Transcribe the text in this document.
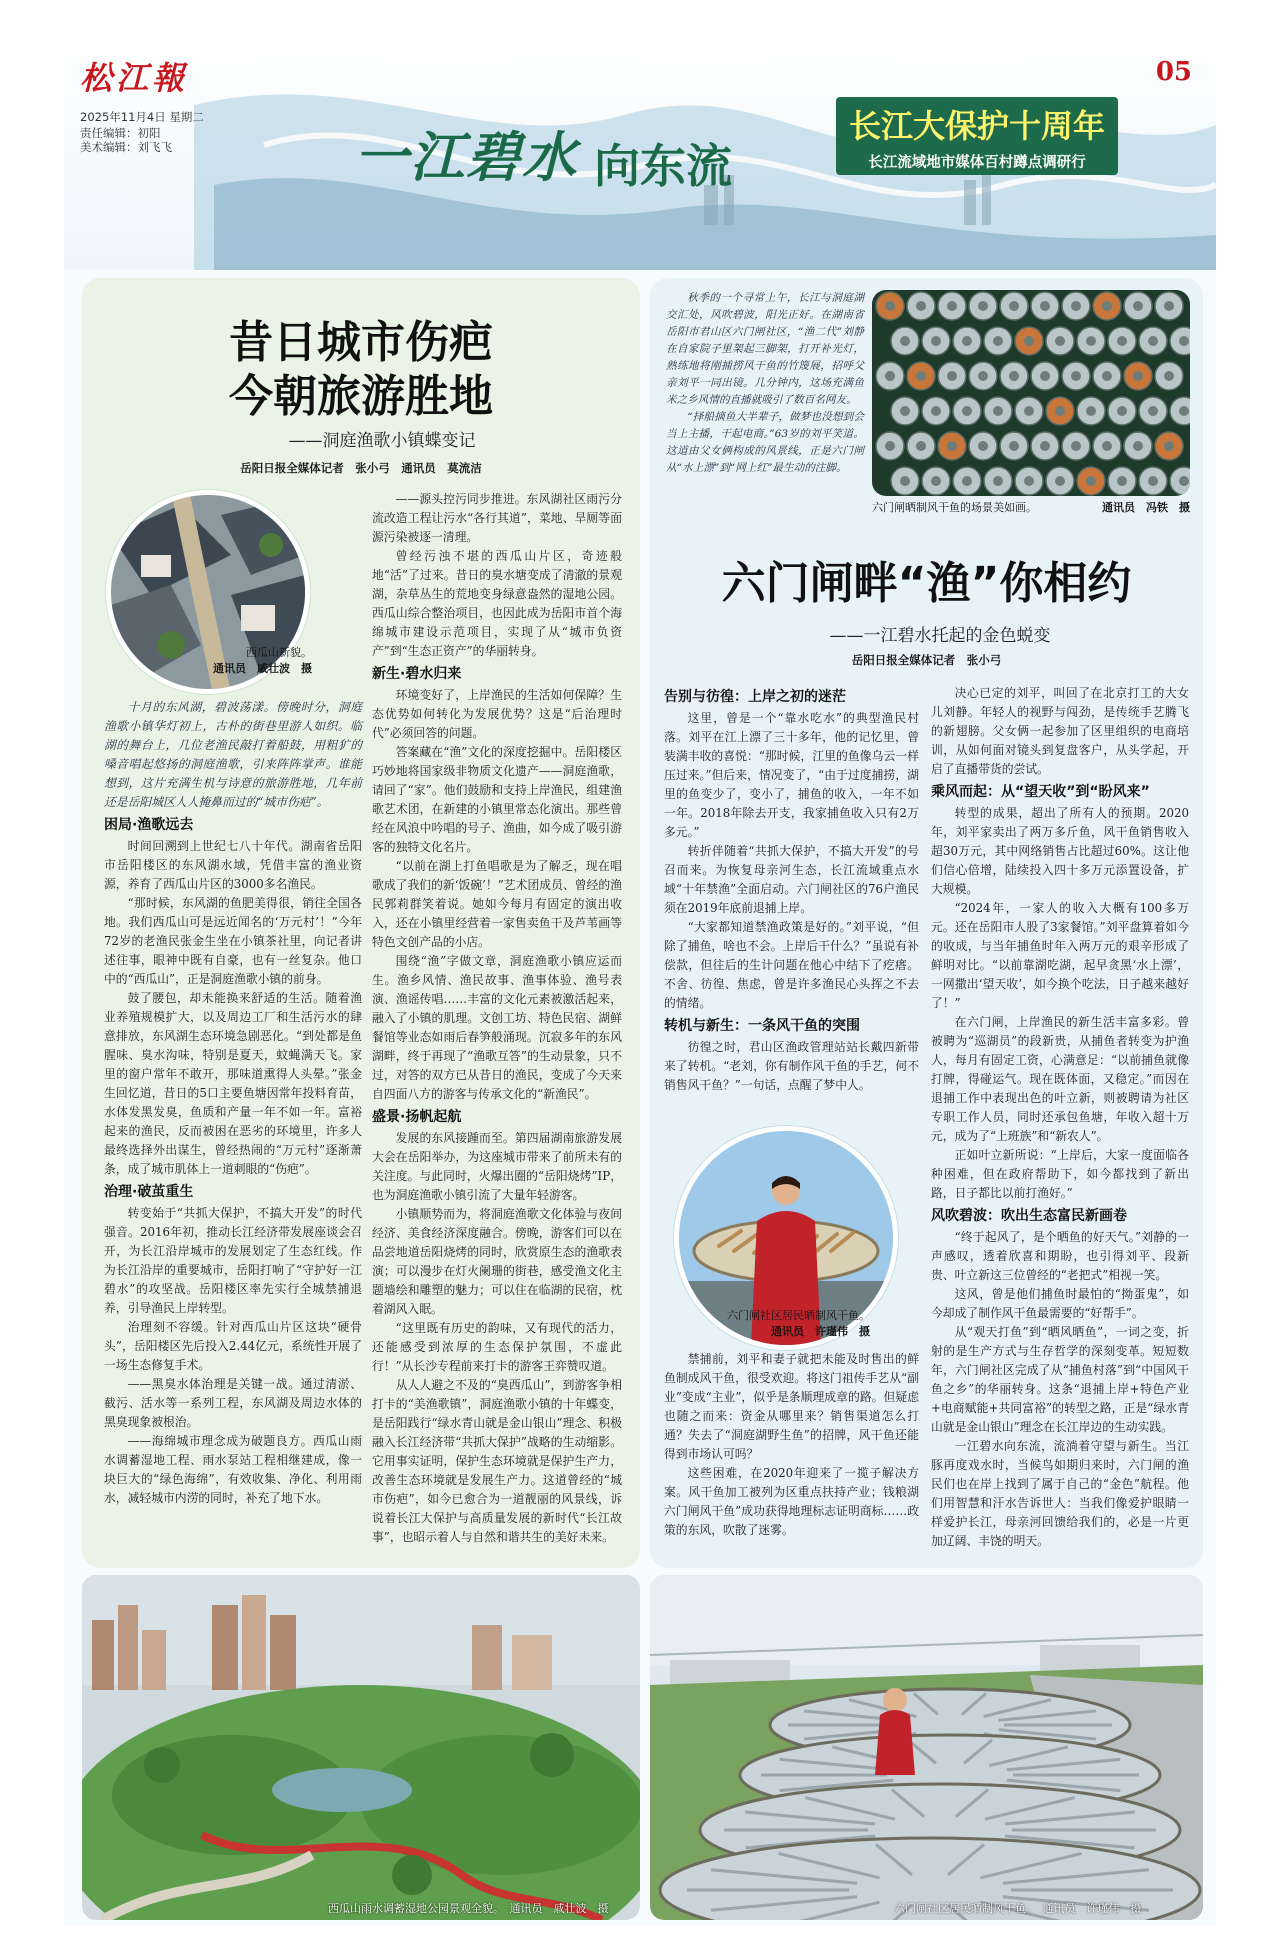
松江報	05
2025年11月4日 星期二
责任编辑：初阳
美术编辑：刘飞飞	一江碧水 向东流
长江大保护十周年
长江流域地市媒体百村蹲点调研行
昔日城市伤疤
今朝旅游胜地
——洞庭渔歌小镇蝶变记
岳阳日报全媒体记者　张小弓　通讯员　莫流洁
西瓜山新貌。
通讯员　戚壮波　摄

十月的东风湖，碧波荡漾。傍晚时分，洞庭渔歌小镇华灯初上，古朴的街巷里游人如织。临湖的舞台上，几位老渔民敲打着船鼓，用粗犷的嗓音唱起悠扬的洞庭渔歌，引来阵阵掌声。谁能想到，这片充满生机与诗意的旅游胜地，几年前还是岳阳城区人人掩鼻而过的“城市伤疤”。

困局·渔歌远去

时间回溯到上世纪七八十年代。湖南省岳阳市岳阳楼区的东风湖水域，凭借丰富的渔业资源，养育了西瓜山片区的3000多名渔民。

“那时候，东风湖的鱼肥美得很，销往全国各地。我们西瓜山可是远近闻名的‘万元村’！”今年72岁的老渔民张金生坐在小镇茶社里，向记者讲述往事，眼神中既有自豪，也有一丝复杂。他口中的“西瓜山”，正是洞庭渔歌小镇的前身。

鼓了腰包，却未能换来舒适的生活。随着渔业养殖规模扩大，以及周边工厂和生活污水的肆意排放，东风湖生态环境急剧恶化。“到处都是鱼腥味、臭水沟味，特别是夏天，蚊蝇满天飞。家里的窗户常年不敢开，那味道熏得人头晕。”张金生回忆道，昔日的5口主要鱼塘因常年投料育苗，水体发黑发臭，鱼质和产量一年不如一年。富裕起来的渔民，反而被困在恶劣的环境里，许多人最终选择外出谋生，曾经热闹的“万元村”逐渐萧条，成了城市肌体上一道刺眼的“伤疤”。

治理·破茧重生

转变始于“共抓大保护，不搞大开发”的时代强音。2016年初，推动长江经济带发展座谈会召开，为长江沿岸城市的发展划定了生态红线。作为长江沿岸的重要城市，岳阳打响了“守护好一江碧水”的攻坚战。岳阳楼区率先实行全城禁捕退养，引导渔民上岸转型。

治理刻不容缓。针对西瓜山片区这块“硬骨头”，岳阳楼区先后投入2.44亿元，系统性开展了一场生态修复手术。

——黑臭水体治理是关键一战。通过清淤、截污、活水等一系列工程，东风湖及周边水体的黑臭现象被根治。

——海绵城市理念成为破题良方。西瓜山雨水调蓄湿地工程、雨水泵站工程相继建成，像一块巨大的“绿色海绵”，有效收集、净化、利用雨水，减轻城市内涝的同时，补充了地下水。

——源头控污同步推进。东风湖社区雨污分流改造工程让污水“各行其道”，菜地、旱厕等面源污染被逐一清理。

曾经污浊不堪的西瓜山片区，奇迹般地“活”了过来。昔日的臭水塘变成了清澈的景观湖，杂草丛生的荒地变身绿意盎然的湿地公园。西瓜山综合整治项目，也因此成为岳阳市首个海绵城市建设示范项目，实现了从“城市负资产”到“生态正资产”的华丽转身。

新生·碧水归来

环境变好了，上岸渔民的生活如何保障？生态优势如何转化为发展优势？这是“后治理时代”必须回答的问题。

答案藏在“渔”文化的深度挖掘中。岳阳楼区巧妙地将国家级非物质文化遗产——洞庭渔歌，请回了“家”。他们鼓励和支持上岸渔民，组建渔歌艺术团，在新建的小镇里常态化演出。那些曾经在风浪中吟唱的号子、渔曲，如今成了吸引游客的独特文化名片。

“以前在湖上打鱼唱歌是为了解乏，现在唱歌成了我们的新‘饭碗’！”艺术团成员、曾经的渔民郭莉群笑着说。她如今每月有固定的演出收入，还在小镇里经营着一家售卖鱼干及芦苇画等特色文创产品的小店。

围绕“渔”字做文章，洞庭渔歌小镇应运而生。渔乡风情、渔民故事、渔事体验、渔号表演、渔谣传唱……丰富的文化元素被激活起来，融入了小镇的肌理。文创工坊、特色民宿、湖鲜餐馆等业态如雨后春笋般涌现。沉寂多年的东风湖畔，终于再现了“渔歌互答”的生动景象，只不过，对答的双方已从昔日的渔民，变成了今天来自四面八方的游客与传承文化的“新渔民”。

盛景·扬帆起航

发展的东风接踵而至。第四届湖南旅游发展大会在岳阳举办，为这座城市带来了前所未有的关注度。与此同时，火爆出圈的“岳阳烧烤”IP，也为洞庭渔歌小镇引流了大量年轻游客。

小镇顺势而为，将洞庭渔歌文化体验与夜间经济、美食经济深度融合。傍晚，游客们可以在品尝地道岳阳烧烤的同时，欣赏原生态的渔歌表演；可以漫步在灯火阑珊的街巷，感受渔文化主题墙绘和雕塑的魅力；可以住在临湖的民宿，枕着湖风入眠。

“这里既有历史的韵味，又有现代的活力，还能感受到浓厚的生态保护氛围，不虚此行！”从长沙专程前来打卡的游客王弈赞叹道。

从人人避之不及的“臭西瓜山”，到游客争相打卡的“美渔歌镇”，洞庭渔歌小镇的十年蝶变，是岳阳践行“绿水青山就是金山银山”理念、积极融入长江经济带“共抓大保护”战略的生动缩影。它用事实证明，保护生态环境就是保护生产力，改善生态环境就是发展生产力。这道曾经的“城市伤疤”，如今已愈合为一道靓丽的风景线，诉说着长江大保护与高质量发展的新时代“长江故事”，也昭示着人与自然和谐共生的美好未来。

秋季的一个寻常上午，长江与洞庭湖交汇处，风吹碧波，阳光正好。在湖南省岳阳市君山区六门闸社区，“渔二代”刘静在自家院子里架起三脚架，打开补光灯，熟练地将刚捕捞风干鱼的竹篾展，招呼父亲刘平一同出镜。几分钟内，这场充满鱼米之乡风情的直播就吸引了数百名网友。

“择船摘鱼大半辈子，做梦也没想到会当上主播，干起电商。”63岁的刘平笑道。这道由父女俩构成的风景线，正是六门闸从“水上漂”到“网上红”最生动的注脚。

六门闸晒制风干鱼的场景美如画。	通讯员　冯铁　摄
六门闸畔“渔”你相约
——一江碧水托起的金色蜕变
岳阳日报全媒体记者　张小弓
告别与彷徨：上岸之初的迷茫

这里，曾是一个“靠水吃水”的典型渔民村落。刘平在江上漂了三十多年，他的记忆里，曾装满丰收的喜悦：“那时候，江里的鱼像乌云一样压过来。”但后来，情况变了，“由于过度捕捞，湖里的鱼变少了，变小了，捕鱼的收入，一年不如一年。2018年除去开支，我家捕鱼收入只有2万多元。”

转折伴随着“共抓大保护，不搞大开发”的号召而来。为恢复母亲河生态，长江流域重点水域“十年禁渔”全面启动。六门闸社区的76户渔民须在2019年底前退捕上岸。

“大家都知道禁渔政策是好的。”刘平说，“但除了捕鱼，啥也不会。上岸后干什么？”虽说有补偿款，但往后的生计问题在他心中结下了疙瘩。不舍、彷徨、焦虑，曾是许多渔民心头挥之不去的情绪。

转机与新生：一条风干鱼的突围

彷徨之时，君山区渔政管理站站长戴四新带来了转机。“老刘，你有制作风干鱼的手艺，何不销售风干鱼？”一句话，点醒了梦中人。

六门闸社区居民晒制风干鱼。
通讯员　许瑾伟　摄

禁捕前，刘平和妻子就把未能及时售出的鲜鱼制成风干鱼，很受欢迎。将这门祖传手艺从“副业”变成“主业”，似乎是条顺理成章的路。但疑虑也随之而来：资金从哪里来？销售渠道怎么打通？失去了“洞庭湖野生鱼”的招牌，风干鱼还能得到市场认可吗？

这些困难，在2020年迎来了一揽子解决方案。风干鱼加工被列为区重点扶持产业；钱粮湖六门闸风干鱼”成功获得地理标志证明商标……政策的东风，吹散了迷雾。

决心已定的刘平，叫回了在北京打工的大女儿刘静。年轻人的视野与闯劲，是传统手艺腾飞的新翅膀。父女俩一起参加了区里组织的电商培训，从如何面对镜头到复盘客户，从头学起，开启了直播带货的尝试。

乘风而起：从“望天收”到“盼风来”

转型的成果，超出了所有人的预期。2020年，刘平家卖出了两万多斤鱼，风干鱼销售收入超30万元，其中网络销售占比超过60%。这让他们信心倍增，陆续投入四十多万元添置设备，扩大规模。

“2024年，一家人的收入大概有100多万元。还在岳阳市人股了3家餐馆。”刘平盘算着如今的收成，与当年捕鱼时年入两万元的艰辛形成了鲜明对比。“以前靠湖吃湖，起早贪黑‘水上漂’，一网撒出‘望天收’，如今换个吃法，日子越来越好了！”

在六门闸，上岸渔民的新生活丰富多彩。曾被聘为“巡湖员”的段新贵，从捕鱼者转变为护渔人，每月有固定工资，心满意足：“以前捕鱼就像打牌，得碰运气。现在既体面，又稳定。”而因在退捕工作中表现出色的叶立新，则被聘请为社区专职工作人员，同时还承包鱼塘，年收入超十万元，成为了“上班族”和“新农人”。

正如叶立新所说：“上岸后，大家一度面临各种困难，但在政府帮助下，如今都找到了新出路，日子都比以前打渔好。”

风吹碧波：吹出生态富民新画卷

“终于起风了，是个晒鱼的好天气。”刘静的一声感叹，透着欣喜和期盼，也引得刘平、段新贵、叶立新这三位曾经的“老把式”相视一笑。

这风，曾是他们捕鱼时最怕的“拗蛋鬼”，如今却成了制作风干鱼最需要的“好帮手”。

从“观天打鱼”到“晒风晒鱼”，一词之变，折射的是生产方式与生存哲学的深刻变革。短短数年，六门闸社区完成了从“捕鱼村落”到“中国风干鱼之乡”的华丽转身。这条“退捕上岸+特色产业+电商赋能+共同富裕”的转型之路，正是“绿水青山就是金山银山”理念在长江岸边的生动实践。

一江碧水向东流，流淌着守望与新生。当江豚再度戏水时，当候鸟如期归来时，六门闸的渔民们也在岸上找到了属于自己的“金色”航程。他们用智慧和汗水告诉世人：当我们像爱护眼睛一样爱护长江，母亲河回馈给我们的，必是一片更加辽阔、丰饶的明天。

西瓜山雨水调蓄湿地公园景观全貌。　通讯员　戚壮波　摄	六门闸社区居民晒制风干鱼。　通讯员　许瑾伟　摄
